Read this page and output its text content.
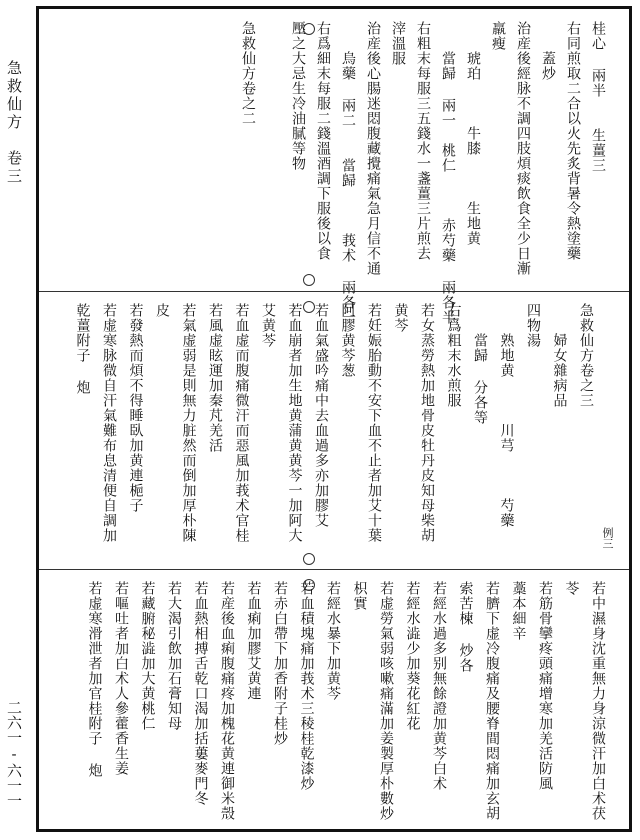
急救仙方　卷三
二六一-六一一
桂心 兩半　　生薑三
右同煎取二合以火先炙背暑令熱塗藥
　　蓋炒
治産後經脉不調四肢煩痰飲食全少日漸
羸瘦
　　琥珀　　　牛膝　　　生地黄
　　當歸 兩一　桃仁　　　赤芍藥 兩各半
右粗末每服三五錢水一盞薑三片煎去
滓溫服
治産後心腸迷悶腹藏攪痛氣急月信不通
　　烏藥 兩二　　當歸　　　莪术 兩各一
右爲細末每服二錢溫酒調下服後以食
壓之大忌生冷油膩等物
急救仙方卷之二
例三
急救仙方卷之三
　　婦女雜病品
四物湯
　　熟地黄　　　川芎　　　芍藥
　　當歸 分各等
右爲粗末水煎服
若女蒸勞熱加地骨皮牡丹皮知母柴胡
黄芩
若妊娠胎動不安下血不止者加艾十葉
阿膠黄芩葱
若血氣盛吟痛中去血過多亦加膠艾
若血崩者加生地黄蒲黄黄芩一加阿大
艾黄芩
若血虚而腹痛微汗而惡風加莪术官桂
若風虚眩運加秦芃羌活
若氣虚弱是則無力脏然而倒加厚朴陳
皮
若發熱而煩不得睡臥加黄連梔子
若虚寒脉微自汗氣難布息清便自調加
乾薑附子 炮
若中濕身沈重無力身涼微汗加白术茯
苓
若筋骨攣疼頭痛增寒加羌活防風
藁本細辛
若臍下虚冷腹痛及腰脊間悶痛加玄胡
索苦楝 炒各
若經水過多别無餘證加黄芩白术
若經水澁少加葵花紅花
若虚勞氣弱咳嗽痛滿加姜製厚朴數炒
枳實
若經水暴下加黄芩
若血積塊痛加莪术三稜桂乾漆炒
若赤白帶下加香附子桂炒
若血痢加膠艾黄連
若産後血痢腹痛疼加槐花黄連御米殼
若血熱相搏舌乾口渴加括蔞麥門冬
若大渴引飲加石膏知母
若藏腑秘澁加大黄桃仁
若嘔吐者加白术人參藿香生姜
若虚寒滑泄者加官桂附子 炮
